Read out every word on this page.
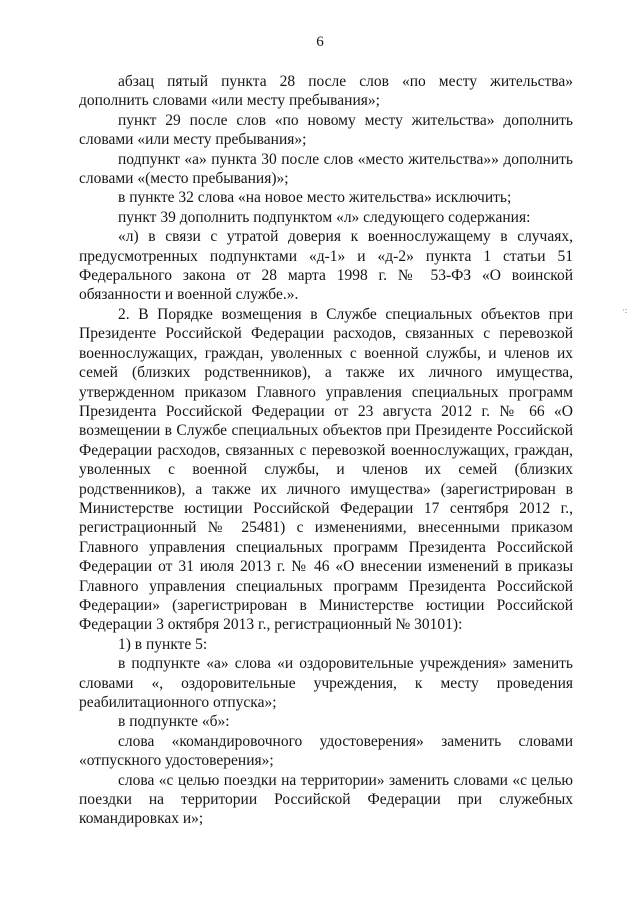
6

абзац пятый пункта 28 после слов «по месту жительства» дополнить словами «или месту пребывания»;

пункт 29 после слов «по новому месту жительства» дополнить словами «или месту пребывания»;

подпункт «а» пункта 30 после слов «место жительства»» дополнить словами «(место пребывания)»;

в пункте 32 слова «на новое место жительства» исключить;

пункт 39 дополнить подпунктом «л» следующего содержания:

«л) в связи с утратой доверия к военнослужащему в случаях, предусмотренных подпунктами «д-1» и «д-2» пункта 1 статьи 51 Федерального закона от 28 марта 1998 г. № 53-ФЗ «О воинской обязанности и военной службе.».

2. В Порядке возмещения в Службе специальных объектов при Президенте Российской Федерации расходов, связанных с перевозкой военнослужащих, граждан, уволенных с военной службы, и членов их семей (близких родственников), а также их личного имущества, утвержденном приказом Главного управления специальных программ Президента Российской Федерации от 23 августа 2012 г. № 66 «О возмещении в Службе специальных объектов при Президенте Российской Федерации расходов, связанных с перевозкой военнослужащих, граждан, уволенных с военной службы, и членов их семей (близких родственников), а также их личного имущества» (зарегистрирован в Министерстве юстиции Российской Федерации 17 сентября 2012 г., регистрационный № 25481) с изменениями, внесенными приказом Главного управления специальных программ Президента Российской Федерации от 31 июля 2013 г. № 46 «О внесении изменений в приказы Главного управления специальных программ Президента Российской Федерации» (зарегистрирован в Министерстве юстиции Российской Федерации 3 октября 2013 г., регистрационный № 30101):

1) в пункте 5:

в подпункте «а» слова «и оздоровительные учреждения» заменить словами «, оздоровительные учреждения, к месту проведения реабилитационного отпуска»;

в подпункте «б»:

слова «командировочного удостоверения» заменить словами «отпускного удостоверения»;

слова «с целью поездки на территории» заменить словами «с целью поездки на территории Российской Федерации при служебных командировках и»;

·:
